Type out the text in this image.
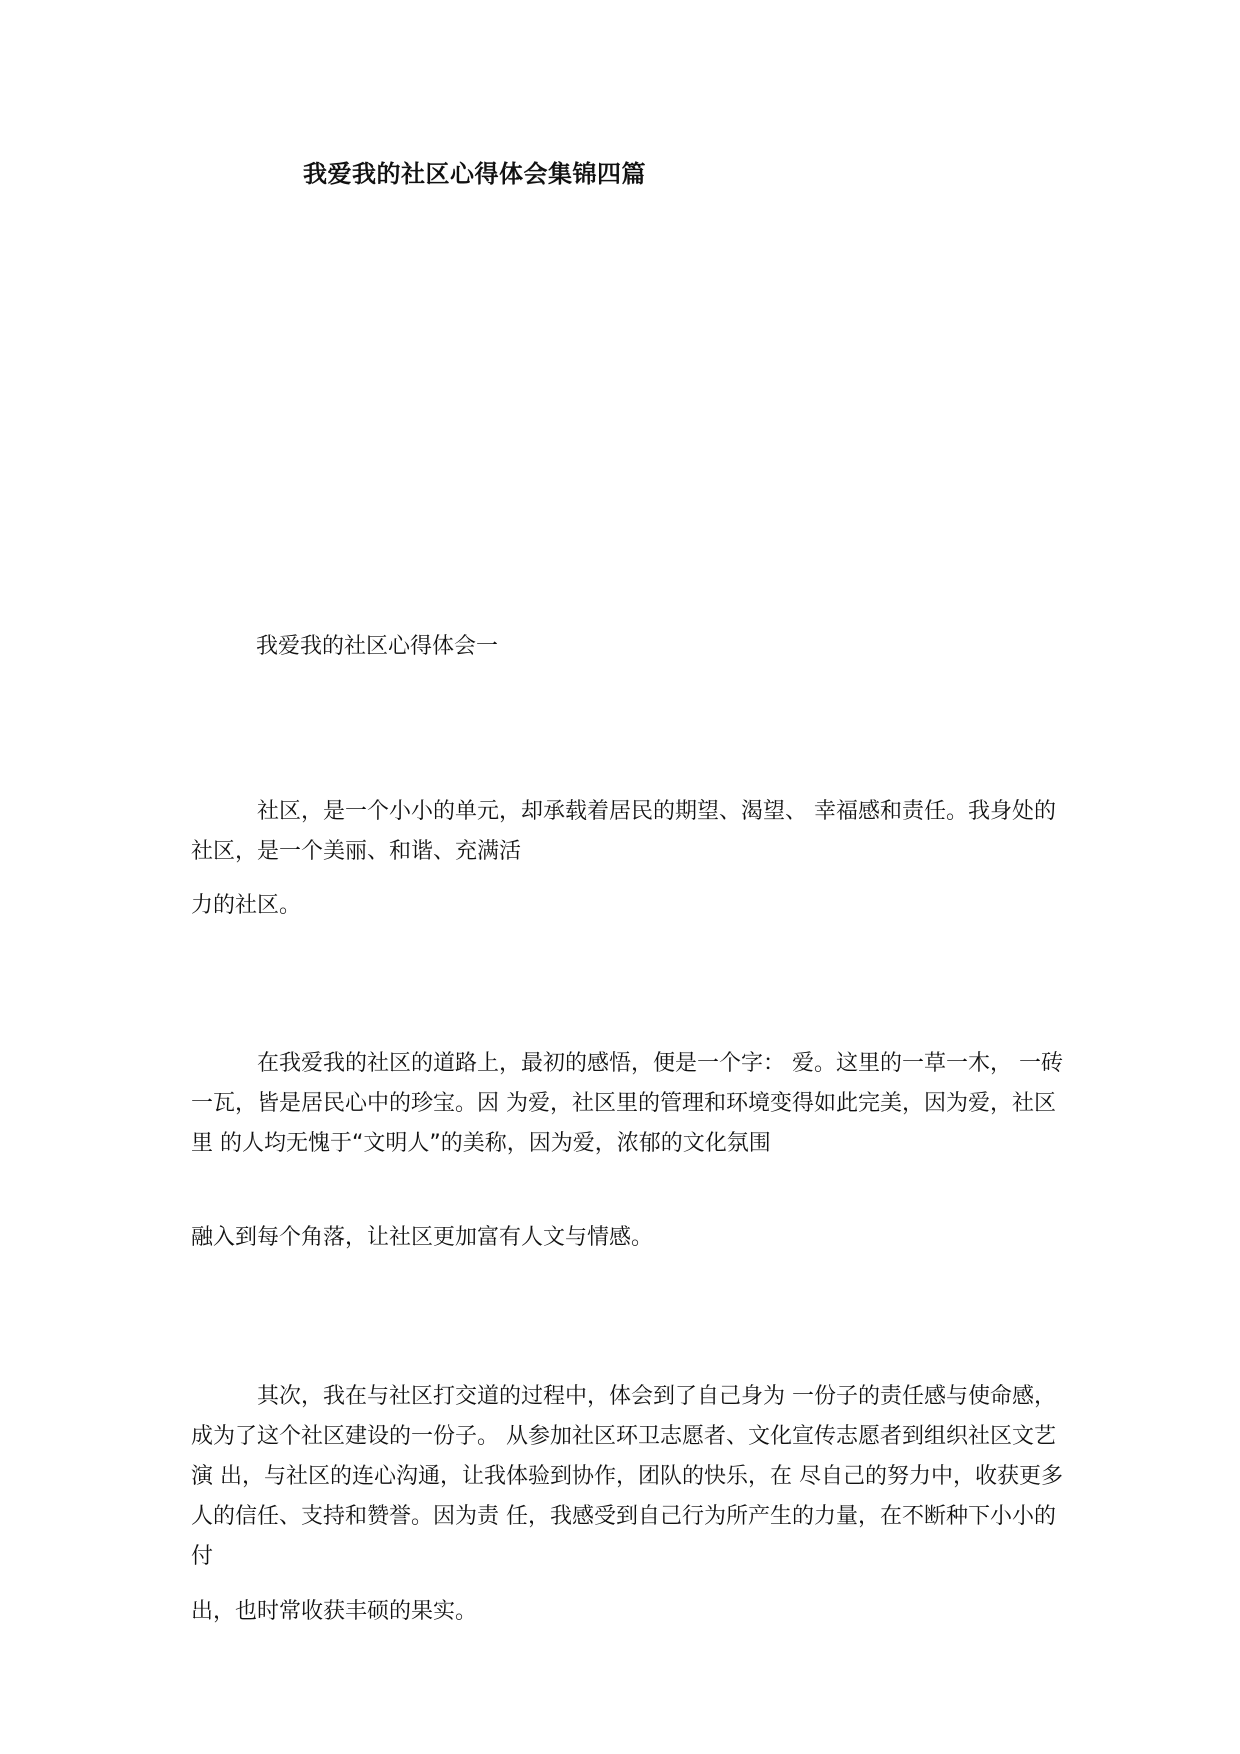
我爱我的社区心得体会集锦四篇
我爱我的社区心得体会一

社区，是一个小小的单元，却承载着居民的期望、渴望、 幸福感和责任。我身处的社区，是一个美丽、和谐、充满活

力的社区。

在我爱我的社区的道路上，最初的感悟，便是一个字： 爱。这里的一草一木， 一砖一瓦，皆是居民心中的珍宝。因 为爱，社区里的管理和环境变得如此完美，因为爱，社区里 的人均无愧于“文明人”的美称，因为爱，浓郁的文化氛围

融入到每个角落，让社区更加富有人文与情感。

其次，我在与社区打交道的过程中，体会到了自己身为 一份子的责任感与使命感，成为了这个社区建设的一份子。 从参加社区环卫志愿者、文化宣传志愿者到组织社区文艺演 出，与社区的连心沟通，让我体验到协作，团队的快乐，在 尽自己的努力中，收获更多人的信任、支持和赞誉。因为责 任，我感受到自己行为所产生的力量，在不断种下小小的付

出，也时常收获丰硕的果实。
